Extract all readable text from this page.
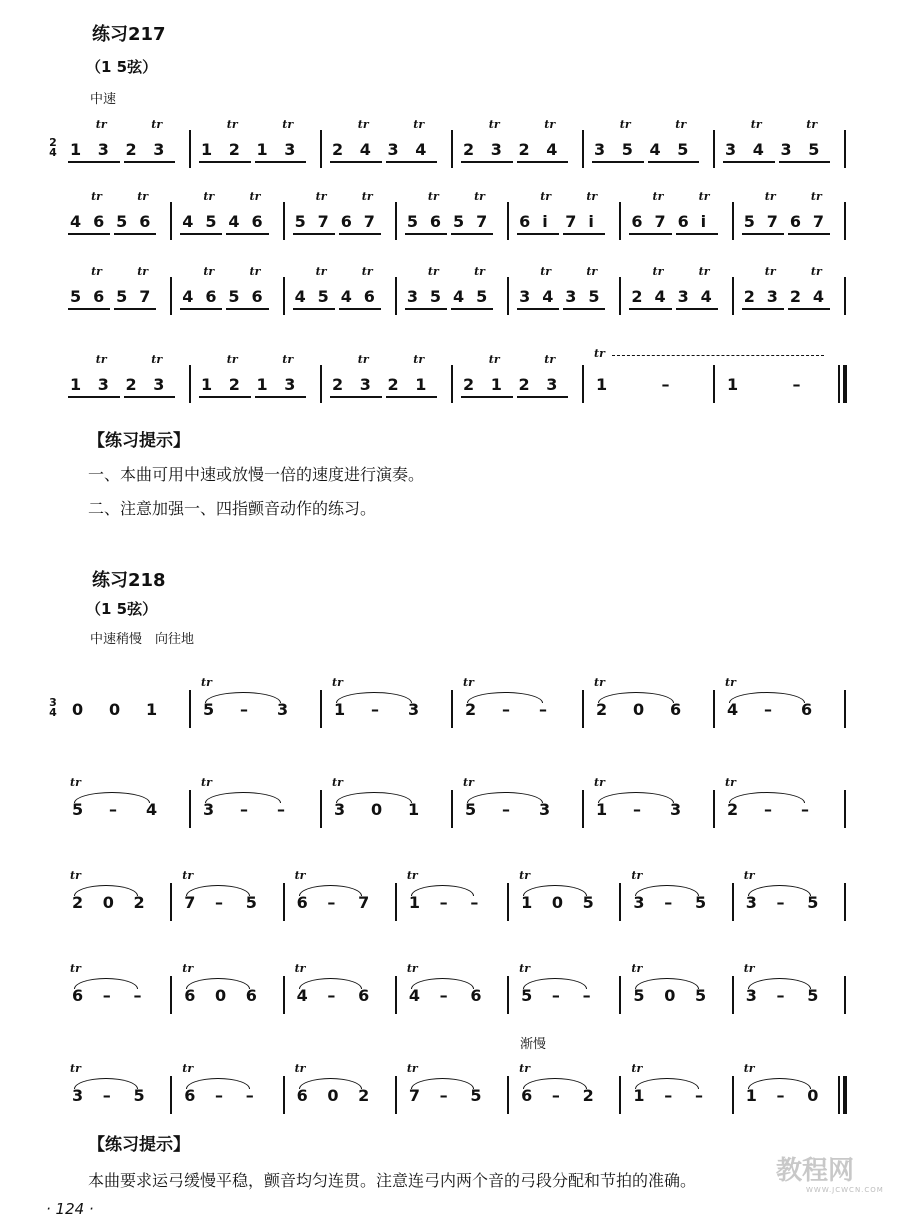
练习217
（1 5弦）
中速
2
4 1 3
tr
2 3
tr
1 2
tr
1 3
tr
2 4
tr
3 4
tr
2 3
tr
2 4
tr
3 5
tr
4 5
tr
3 4
tr
3 5
tr
4 6
tr
5 6
tr
4 5
tr
4 6
tr
5 7
tr
6 7
tr
5 6
tr
5 7
tr
6 i
tr
7 i
tr
6 7
tr
6 i
tr
5 7
tr
6 7
tr
5 6
tr
5 7
tr
4 6
tr
5 6
tr
4 5
tr
4 6
tr
3 5
tr
4 5
tr
3 4
tr
3 5
tr
2 4
tr
3 4
tr
2 3
tr
2 4
tr
1 3
tr
2 3
tr
1 2
tr
1 3
tr
2 3
tr
2 1
tr
2 1
tr
2 3
tr
1	–	1	–
tr
【练习提示】
一、本曲可用中速或放慢一倍的速度进行演奏。
二、注意加强一、四指颤音动作的练习。
练习218
（1 5弦）
中速稍慢　向往地
3
4
渐慢
0 0 1	5 – 3
tr
1 – 3
tr
2 – –
tr
2 0 6
tr
4 – 6
tr
5 – 4
tr
3 – –
tr
3 0 1
tr
5 – 3
tr
1 – 3
tr
2 – –
tr
2 0 2
tr
7 – 5
tr
6 – 7
tr
1 – –
tr
1 0 5
tr
3 – 5
tr
3 – 5
tr
6 – –
tr
6 0 6
tr
4 – 6
tr
4 – 6
tr
5 – –
tr
5 0 5
tr
3 – 5
tr
3 – 5
tr
6 – –
tr
6 0 2
tr
7 – 5
tr
6 – 2
tr
1 – –
tr
1 – 0
tr
【练习提示】
本曲要求运弓缓慢平稳，颤音均匀连贯。注意连弓内两个音的弓段分配和节拍的准确。
· 124 ·
教程网
WWW.JCWCN.COM
